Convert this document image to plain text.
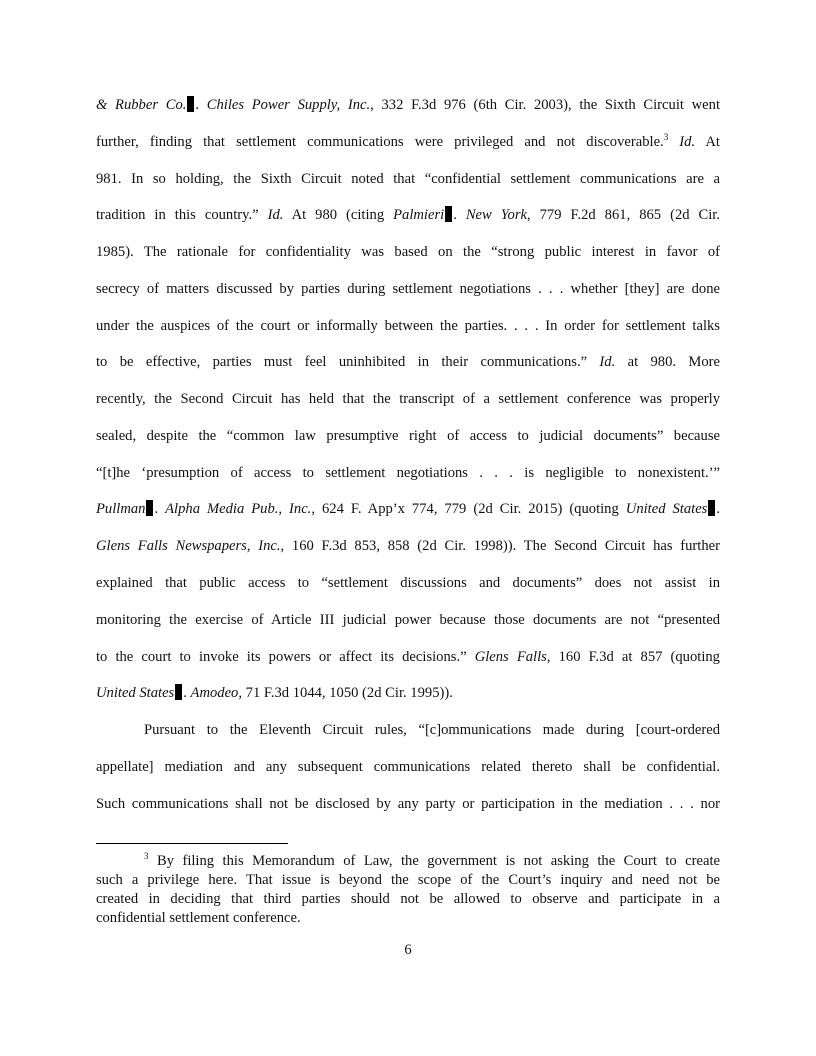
& Rubber Co. . Chiles Power Supply, Inc., 332 F.3d 976 (6th Cir. 2003), the Sixth Circuit went
further, finding that settlement communications were privileged and not discoverable.$^3$ Id. At
981. In so holding, the Sixth Circuit noted that “confidential settlement communications are a
tradition in this country.” Id. At 980 (citing Palmieri . New York, 779 F.2d 861, 865 (2d Cir.
1985). The rationale for confidentiality was based on the “strong public interest in favor of
secrecy of matters discussed by parties during settlement negotiations . . . whether [they] are done
under the auspices of the court or informally between the parties. . . . In order for settlement talks
to be effective, parties must feel uninhibited in their communications.” Id. at 980. More
recently, the Second Circuit has held that the transcript of a settlement conference was properly
sealed, despite the “common law presumptive right of access to judicial documents” because
“[t]he ‘presumption of access to settlement negotiations . . . is negligible to nonexistent.’”
Pullman . Alpha Media Pub., Inc., 624 F. App’x 774, 779 (2d Cir. 2015) (quoting United States .
Glens Falls Newspapers, Inc., 160 F.3d 853, 858 (2d Cir. 1998)). The Second Circuit has further
explained that public access to “settlement discussions and documents” does not assist in
monitoring the exercise of Article III judicial power because those documents are not “presented
to the court to invoke its powers or affect its decisions.” Glens Falls, 160 F.3d at 857 (quoting
United States . Amodeo, 71 F.3d 1044, 1050 (2d Cir. 1995)).
Pursuant to the Eleventh Circuit rules, “[c]ommunications made during [court-ordered
appellate] mediation and any subsequent communications related thereto shall be confidential.
Such communications shall not be disclosed by any party or participation in the mediation . . . nor
$^3$ By filing this Memorandum of Law, the government is not asking the Court to create
such a privilege here. That issue is beyond the scope of the Court’s inquiry and need not be
created in deciding that third parties should not be allowed to observe and participate in a
confidential settlement conference.
6
